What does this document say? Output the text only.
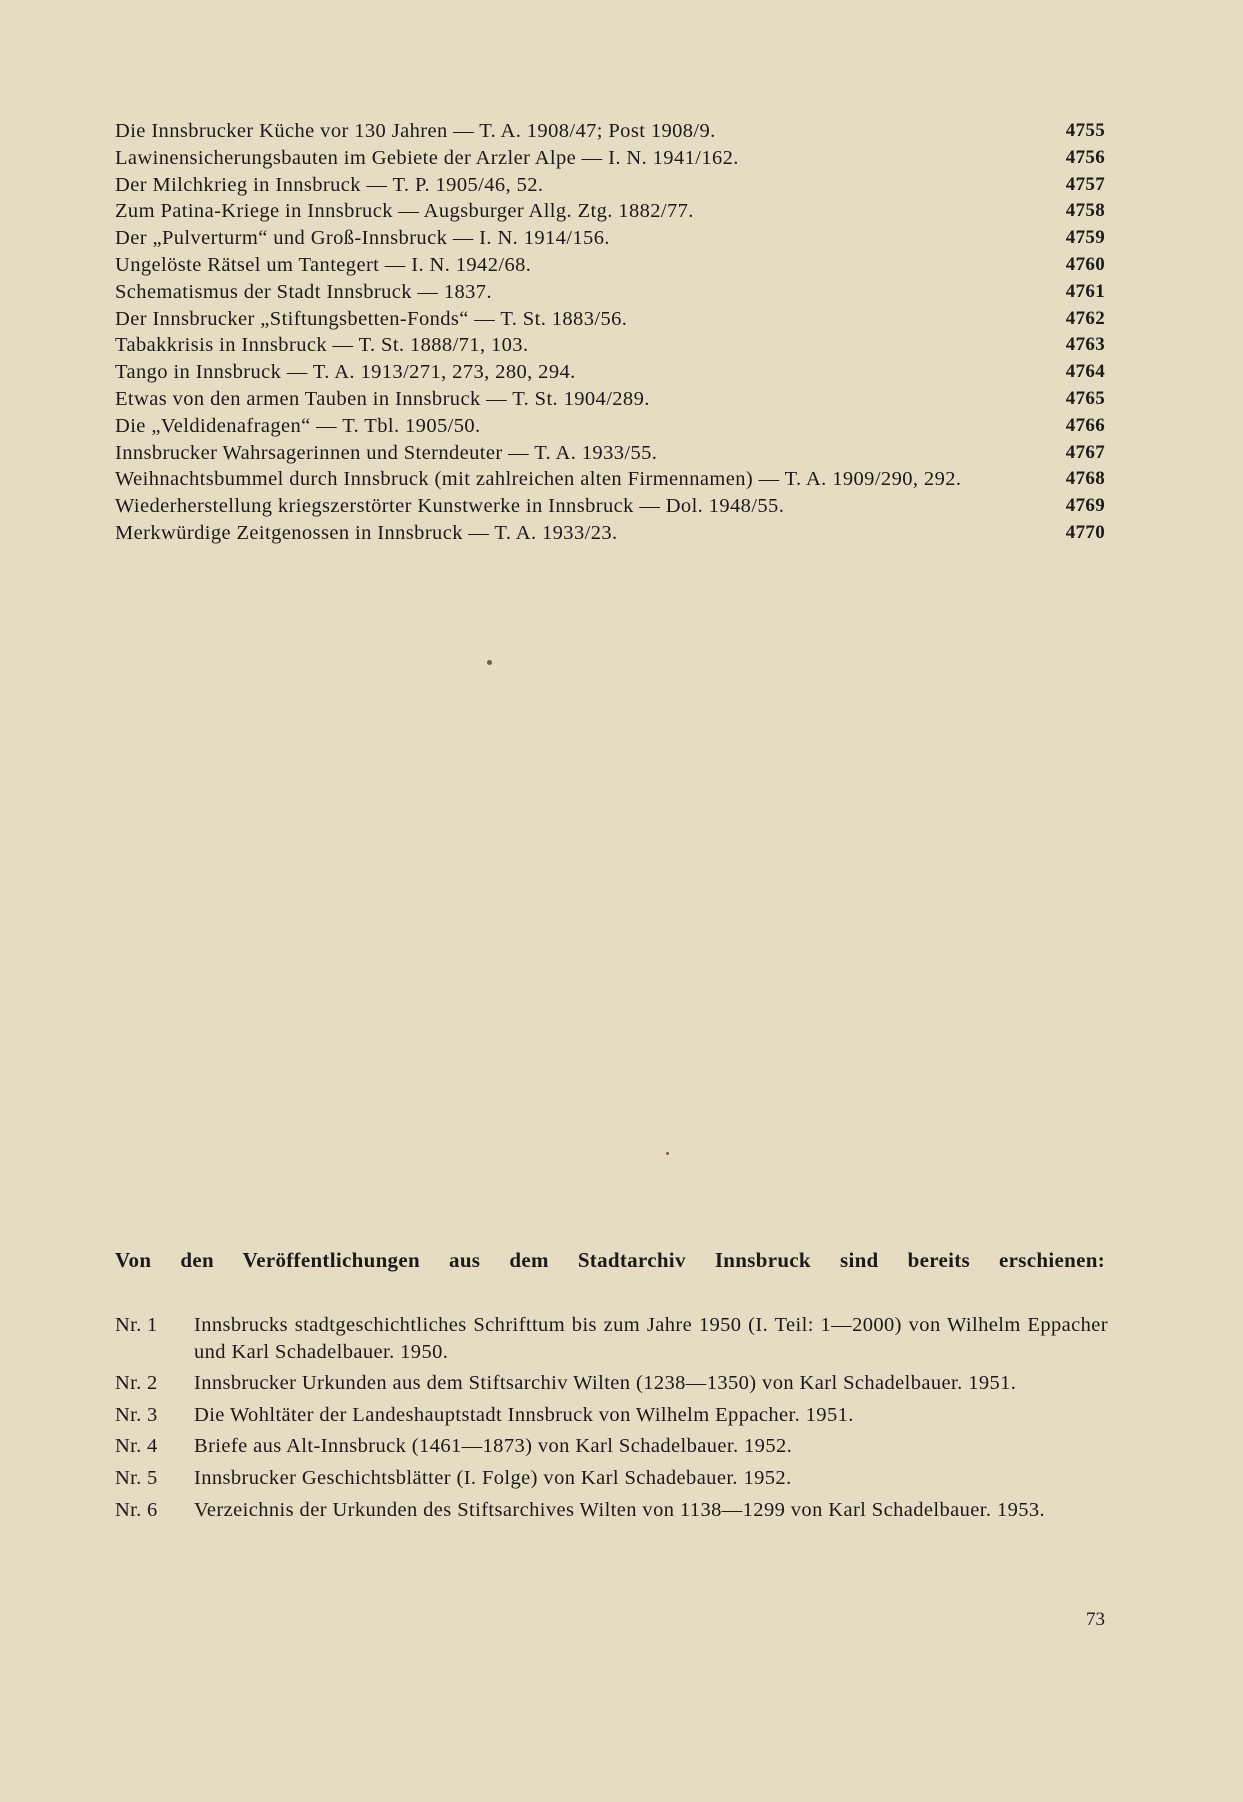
Die Innsbrucker Küche vor 130 Jahren — T. A. 1908/47; Post 1908/9.	4755
Lawinensicherungsbauten im Gebiete der Arzler Alpe — I. N. 1941/162.	4756
Der Milchkrieg in Innsbruck — T. P. 1905/46, 52.	4757
Zum Patina-Kriege in Innsbruck — Augsburger Allg. Ztg. 1882/77.	4758
Der „Pulverturm“ und Groß-Innsbruck — I. N. 1914/156.	4759
Ungelöste Rätsel um Tantegert — I. N. 1942/68.	4760
Schematismus der Stadt Innsbruck — 1837.	4761
Der Innsbrucker „Stiftungsbetten-Fonds“ — T. St. 1883/56.	4762
Tabakkrisis in Innsbruck — T. St. 1888/71, 103.	4763
Tango in Innsbruck — T. A. 1913/271, 273, 280, 294.	4764
Etwas von den armen Tauben in Innsbruck — T. St. 1904/289.	4765
Die „Veldidenafragen“ — T. Tbl. 1905/50.	4766
Innsbrucker Wahrsagerinnen und Sterndeuter — T. A. 1933/55.	4767
Weihnachtsbummel durch Innsbruck (mit zahlreichen alten Firmennamen) — T. A. 1909/290, 292.	4768
Wiederherstellung kriegszerstörter Kunstwerke in Innsbruck — Dol. 1948/55.	4769
Merkwürdige Zeitgenossen in Innsbruck — T. A. 1933/23.	4770
Von den Veröffentlichungen aus dem Stadtarchiv Innsbruck sind bereits erschienen:
Nr. 1	Innsbrucks stadtgeschichtliches Schrifttum bis zum Jahre 1950 (I. Teil: 1—2000) von Wilhelm Eppacher und Karl Schadelbauer. 1950.
Nr. 2	Innsbrucker Urkunden aus dem Stiftsarchiv Wilten (1238—1350) von Karl Schadelbauer. 1951.
Nr. 3	Die Wohltäter der Landeshauptstadt Innsbruck von Wilhelm Eppacher. 1951.
Nr. 4	Briefe aus Alt-Innsbruck (1461—1873) von Karl Schadelbauer. 1952.
Nr. 5	Innsbrucker Geschichtsblätter (I. Folge) von Karl Schadebauer. 1952.
Nr. 6	Verzeichnis der Urkunden des Stiftsarchives Wilten von 1138—1299 von Karl Schadelbauer. 1953.
73
